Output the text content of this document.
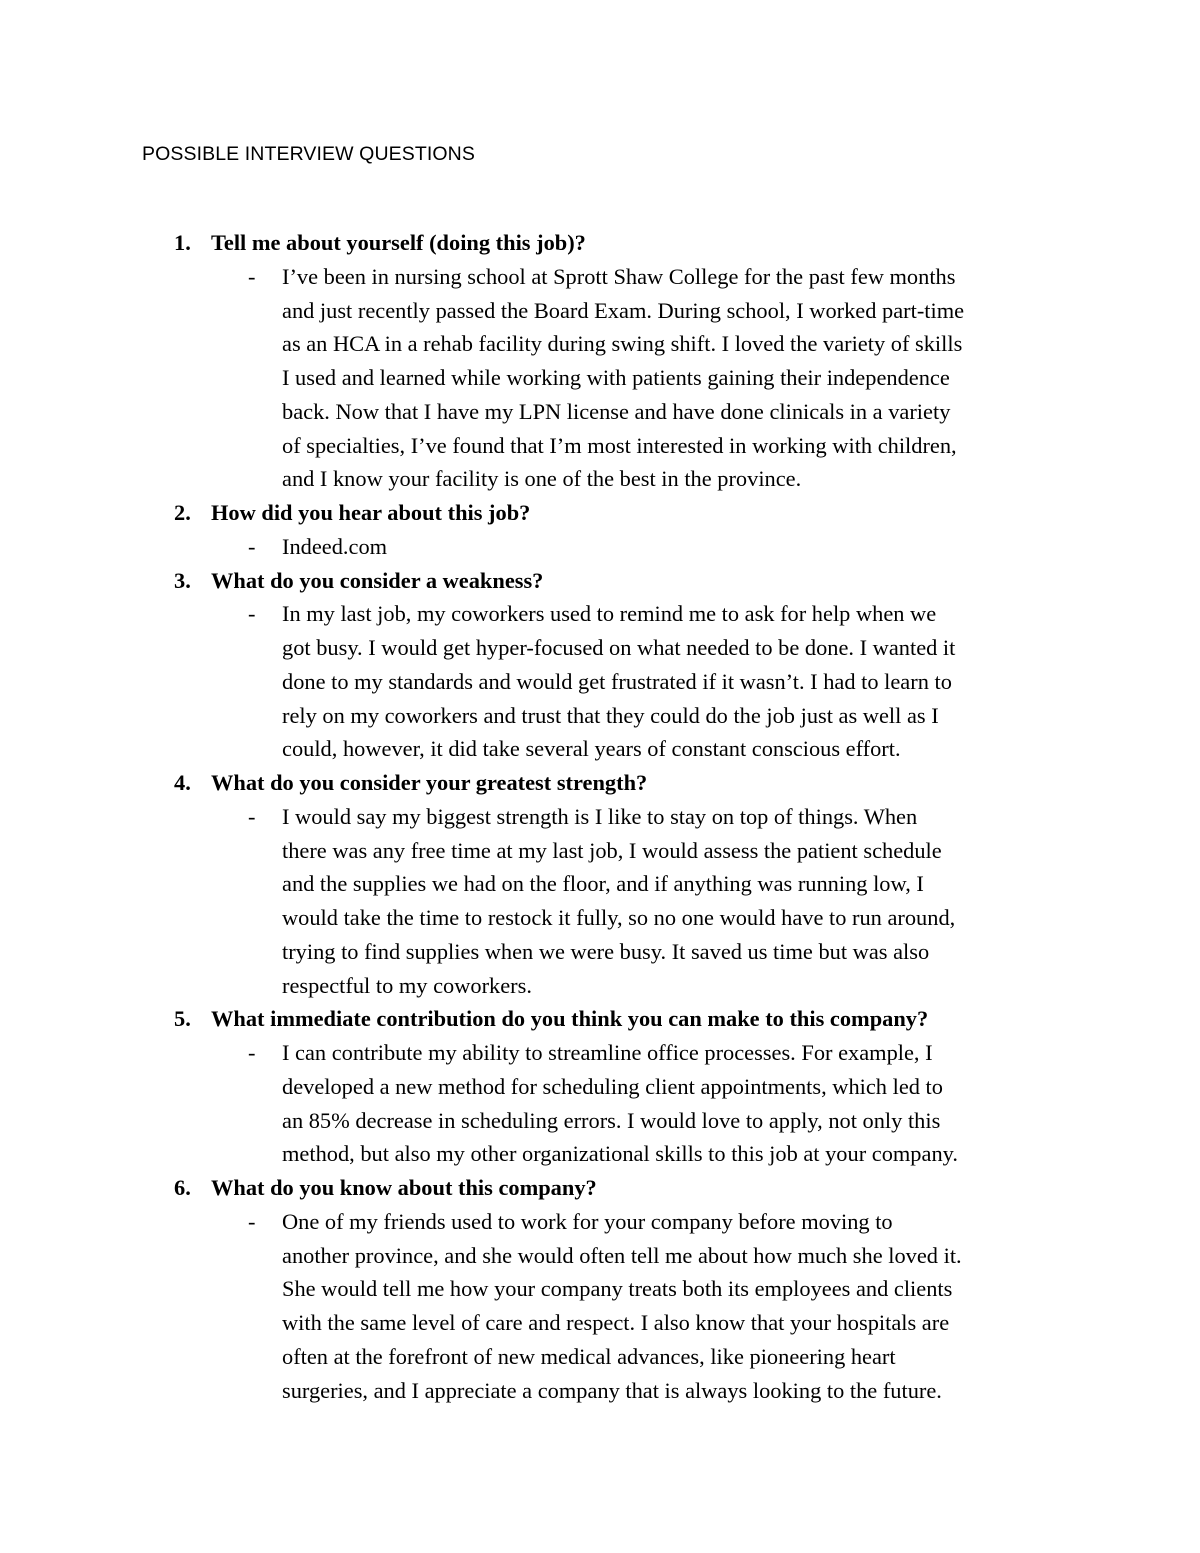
POSSIBLE INTERVIEW QUESTIONS
1. Tell me about yourself (doing this job)?
- I’ve been in nursing school at Sprott Shaw College for the past few months
and just recently passed the Board Exam. During school, I worked part-time
as an HCA in a rehab facility during swing shift. I loved the variety of skills
I used and learned while working with patients gaining their independence
back. Now that I have my LPN license and have done clinicals in a variety
of specialties, I’ve found that I’m most interested in working with children,
and I know your facility is one of the best in the province.
2. How did you hear about this job?
- Indeed.com
3. What do you consider a weakness?
- In my last job, my coworkers used to remind me to ask for help when we
got busy. I would get hyper-focused on what needed to be done. I wanted it
done to my standards and would get frustrated if it wasn’t. I had to learn to
rely on my coworkers and trust that they could do the job just as well as I
could, however, it did take several years of constant conscious effort.
4. What do you consider your greatest strength?
- I would say my biggest strength is I like to stay on top of things. When
there was any free time at my last job, I would assess the patient schedule
and the supplies we had on the floor, and if anything was running low, I
would take the time to restock it fully, so no one would have to run around,
trying to find supplies when we were busy. It saved us time but was also
respectful to my coworkers.
5. What immediate contribution do you think you can make to this company?
- I can contribute my ability to streamline office processes. For example, I
developed a new method for scheduling client appointments, which led to
an 85% decrease in scheduling errors. I would love to apply, not only this
method, but also my other organizational skills to this job at your company.
6. What do you know about this company?
- One of my friends used to work for your company before moving to
another province, and she would often tell me about how much she loved it.
She would tell me how your company treats both its employees and clients
with the same level of care and respect. I also know that your hospitals are
often at the forefront of new medical advances, like pioneering heart
surgeries, and I appreciate a company that is always looking to the future.
